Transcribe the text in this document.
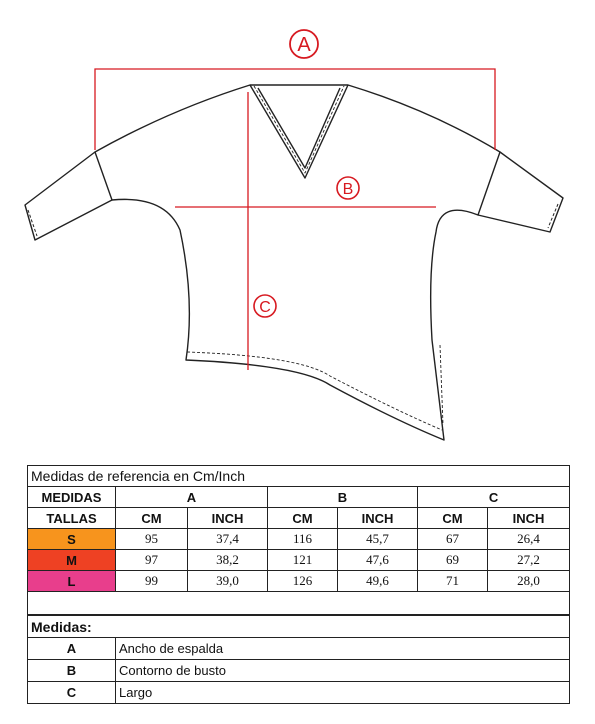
A
B
C
Medidas de referencia en Cm/Inch						
MEDIDAS	A		B		C	
TALLAS	CM	INCH	CM	INCH	CM	INCH
S	95	37,4	116	45,7	67	26,4
M	97	38,2	121	47,6	69	27,2
L	99	39,0	126	49,6	71	28,0

Medidas:	
A	Ancho de espalda
B	Contorno de busto
C	Largo
